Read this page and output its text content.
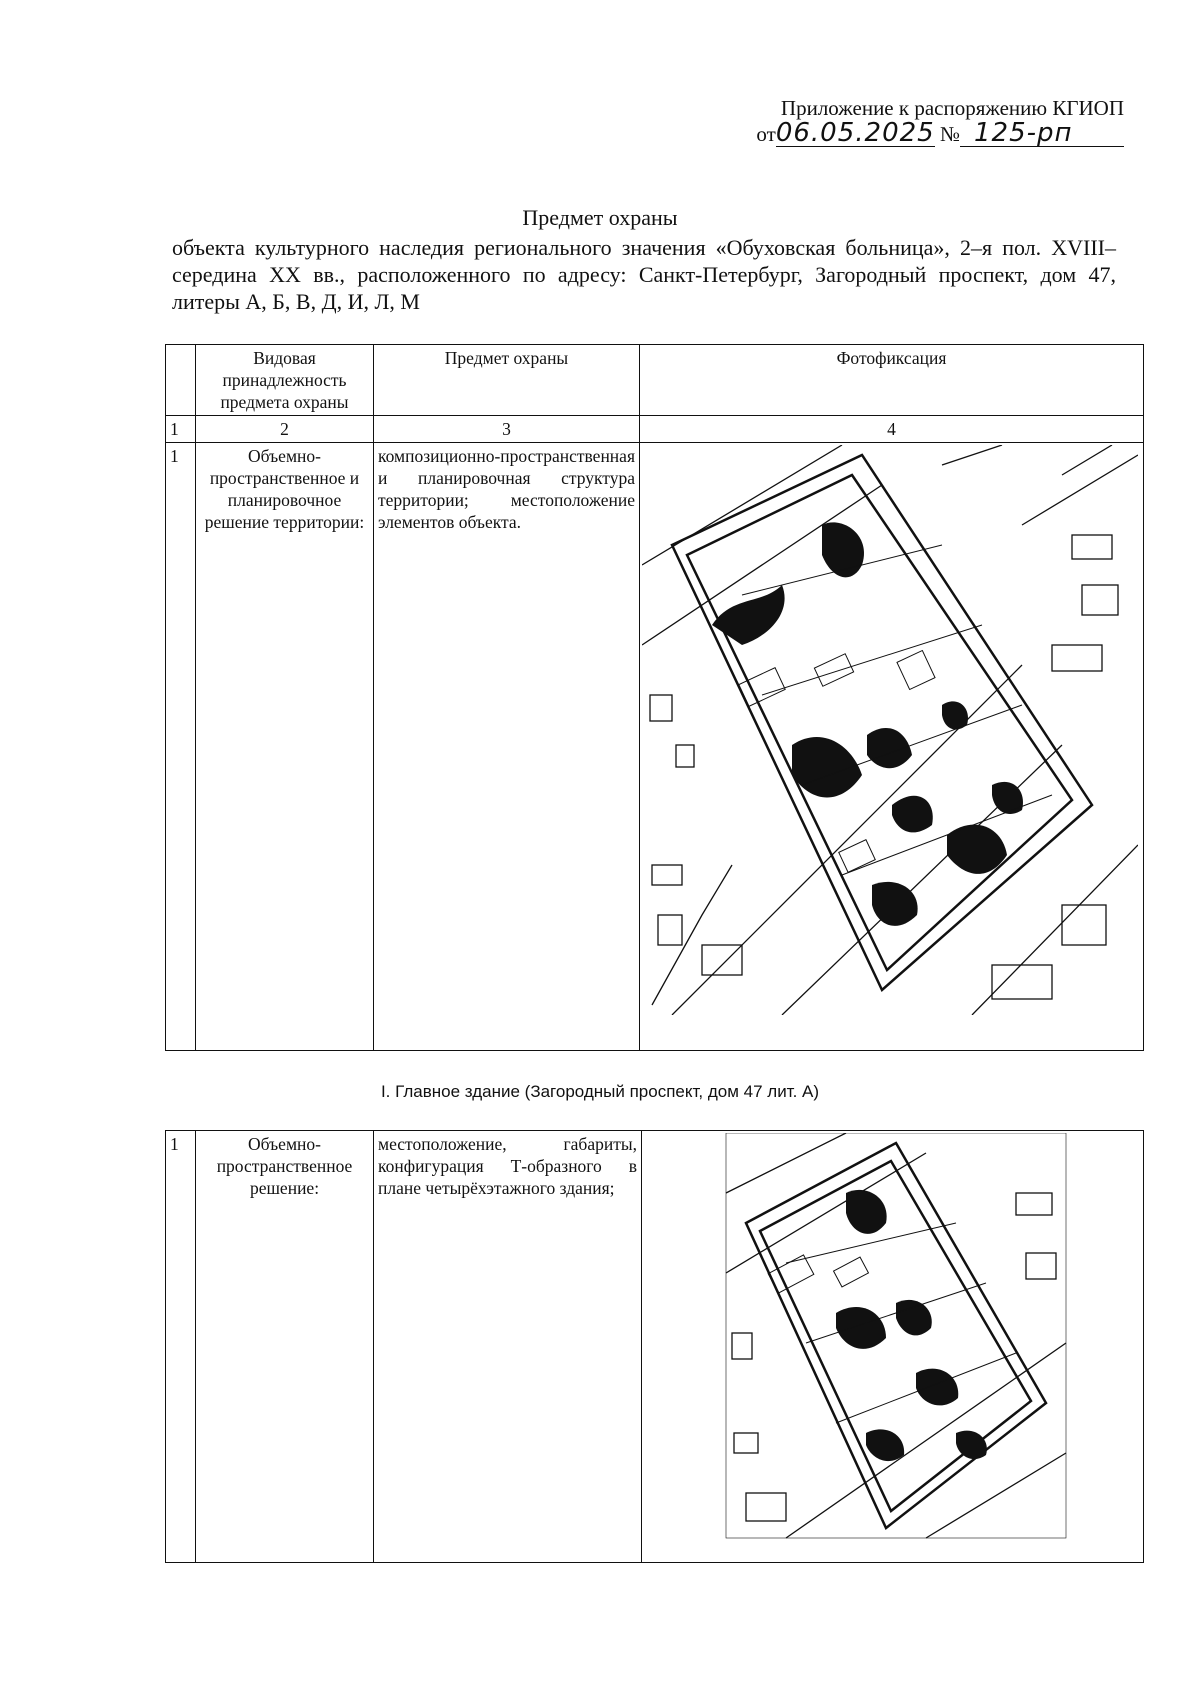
Приложение к распоряжению КГИОП
от06.05.2025 № 125-рп
Предмет охраны
объекта культурного наследия регионального значения «Обуховская больница», 2–я пол. XVIII–середина XX вв., расположенного по адресу: Санкт-Петербург, Загородный проспект, дом 47, литеры А, Б, В, Д, И, Л, М
	Видовая принадлежность предмета охраны	Предмет охраны	Фотофиксация
1	2	3	4
1	Объемно-пространственное и планировочное решение территории:	композиционно-пространственная и планировочная структура территории; местоположение элементов объекта.	
I. Главное здание (Загородный проспект, дом 47 лит. А)
1	Объемно-пространственное решение:	местоположение, габариты, конфигурация Т-образного в плане четырёхэтажного здания;	
